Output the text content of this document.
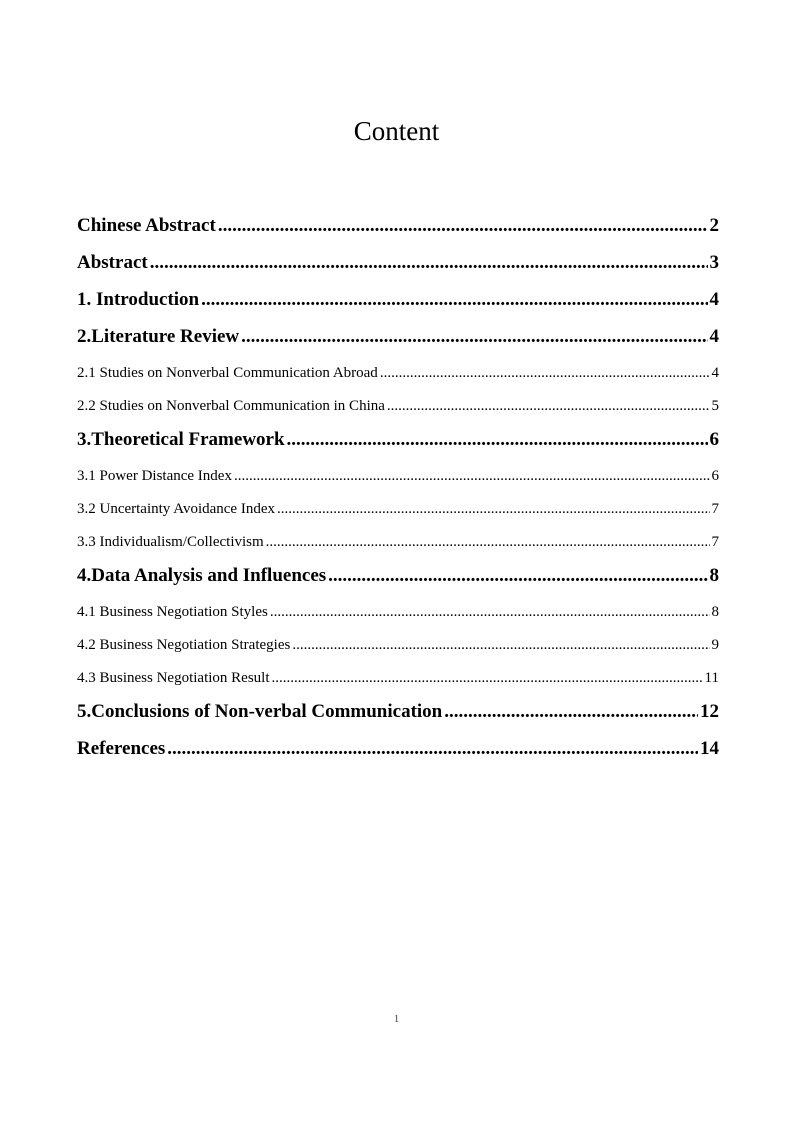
Content
Chinese Abstract .....	2
Abstract .....	3
1. Introduction .....	4
2.Literature Review .....	4
2.1 Studies on Nonverbal Communication Abroad .....	4
2.2 Studies on Nonverbal Communication in China .....	5
3.Theoretical Framework .....	6
3.1 Power Distance Index .....	6
3.2 Uncertainty Avoidance Index .....	7
3.3 Individualism/Collectivism .....	7
4.Data Analysis and Influences .....	8
4.1 Business Negotiation Styles .....	8
4.2 Business Negotiation Strategies .....	9
4.3 Business Negotiation Result .....	11
5.Conclusions of Non-verbal Communication .....	12
References .....	14
1
